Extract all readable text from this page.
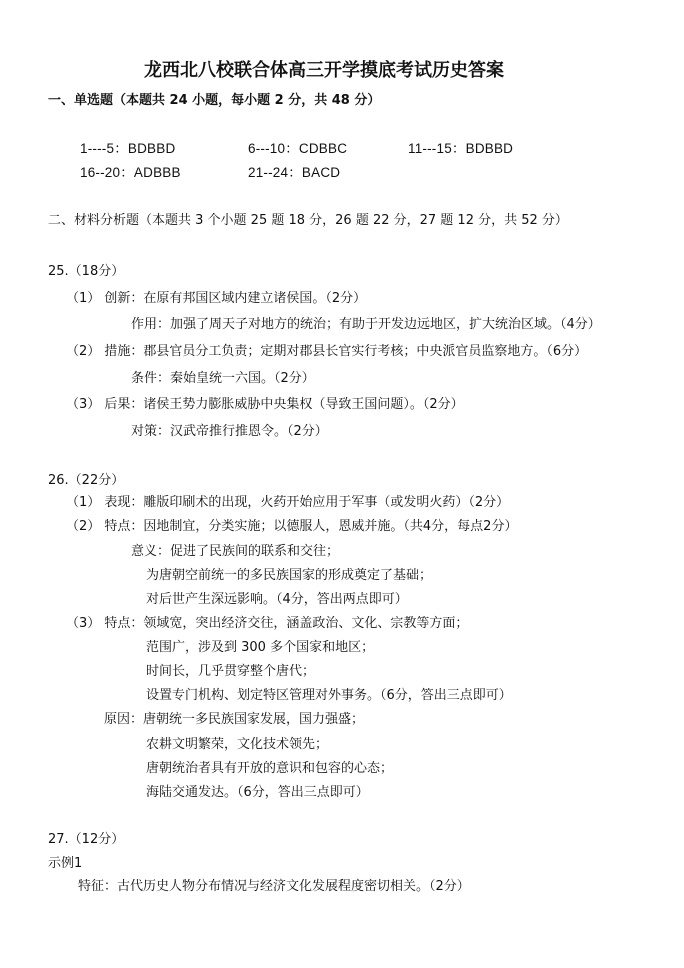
龙西北八校联合体高三开学摸底考试历史答案
一、单选题（本题共 24 小题，每小题 2 分，共 48 分）
1----5：BDBBD	6---10：CDBBC	11---15：BDBBD
16--20：ADBBB	21--24：BACD
二、材料分析题（本题共 3 个小题 25 题 18 分，26 题 22 分，27 题 12 分，共 52 分）
25.（18分）
（1） 创新：在原有邦国区域内建立诸侯国。（2分）
作用：加强了周天子对地方的统治；有助于开发边远地区，扩大统治区域。（4分）
（2） 措施：郡县官员分工负责；定期对郡县长官实行考核；中央派官员监察地方。（6分）
条件：秦始皇统一六国。（2分）
（3） 后果：诸侯王势力膨胀威胁中央集权（导致王国问题）。（2分）
对策：汉武帝推行推恩令。（2分）
26.（22分）
（1） 表现：雕版印刷术的出现，火药开始应用于军事（或发明火药）（2分）
（2） 特点：因地制宜，分类实施；以德服人，恩威并施。（共4分，每点2分）
意义：促进了民族间的联系和交往；
为唐朝空前统一的多民族国家的形成奠定了基础；
对后世产生深远影响。（4分，答出两点即可）
（3） 特点：领域宽，突出经济交往，涵盖政治、文化、宗教等方面；
范围广，涉及到 300 多个国家和地区；
时间长，几乎贯穿整个唐代；
设置专门机构、划定特区管理对外事务。（6分，答出三点即可）
原因：唐朝统一多民族国家发展，国力强盛；
农耕文明繁荣，文化技术领先；
唐朝统治者具有开放的意识和包容的心态；
海陆交通发达。（6分，答出三点即可）
27.（12分）
示例1
特征：古代历史人物分布情况与经济文化发展程度密切相关。（2分）
